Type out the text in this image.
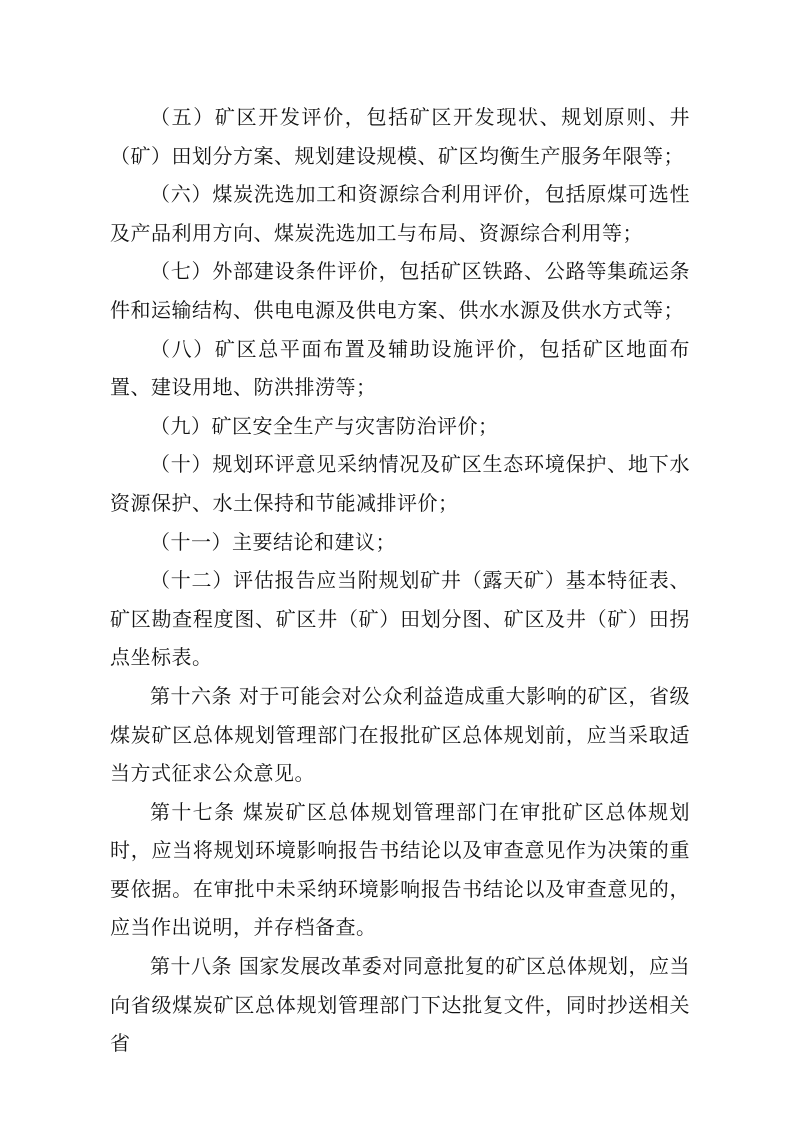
（五）矿区开发评价，包括矿区开发现状、规划原则、井（矿）田划分方案、规划建设规模、矿区均衡生产服务年限等；

（六）煤炭洗选加工和资源综合利用评价，包括原煤可选性及产品利用方向、煤炭洗选加工与布局、资源综合利用等；

（七）外部建设条件评价，包括矿区铁路、公路等集疏运条件和运输结构、供电电源及供电方案、供水水源及供水方式等；

（八）矿区总平面布置及辅助设施评价，包括矿区地面布置、建设用地、防洪排涝等；

（九）矿区安全生产与灾害防治评价；

（十）规划环评意见采纳情况及矿区生态环境保护、地下水资源保护、水土保持和节能减排评价；

（十一）主要结论和建议；

（十二）评估报告应当附规划矿井（露天矿）基本特征表、矿区勘查程度图、矿区井（矿）田划分图、矿区及井（矿）田拐点坐标表。

第十六条 对于可能会对公众利益造成重大影响的矿区，省级煤炭矿区总体规划管理部门在报批矿区总体规划前，应当采取适当方式征求公众意见。

第十七条 煤炭矿区总体规划管理部门在审批矿区总体规划时，应当将规划环境影响报告书结论以及审查意见作为决策的重要依据。在审批中未采纳环境影响报告书结论以及审查意见的，应当作出说明，并存档备查。

第十八条 国家发展改革委对同意批复的矿区总体规划，应当向省级煤炭矿区总体规划管理部门下达批复文件，同时抄送相关省
